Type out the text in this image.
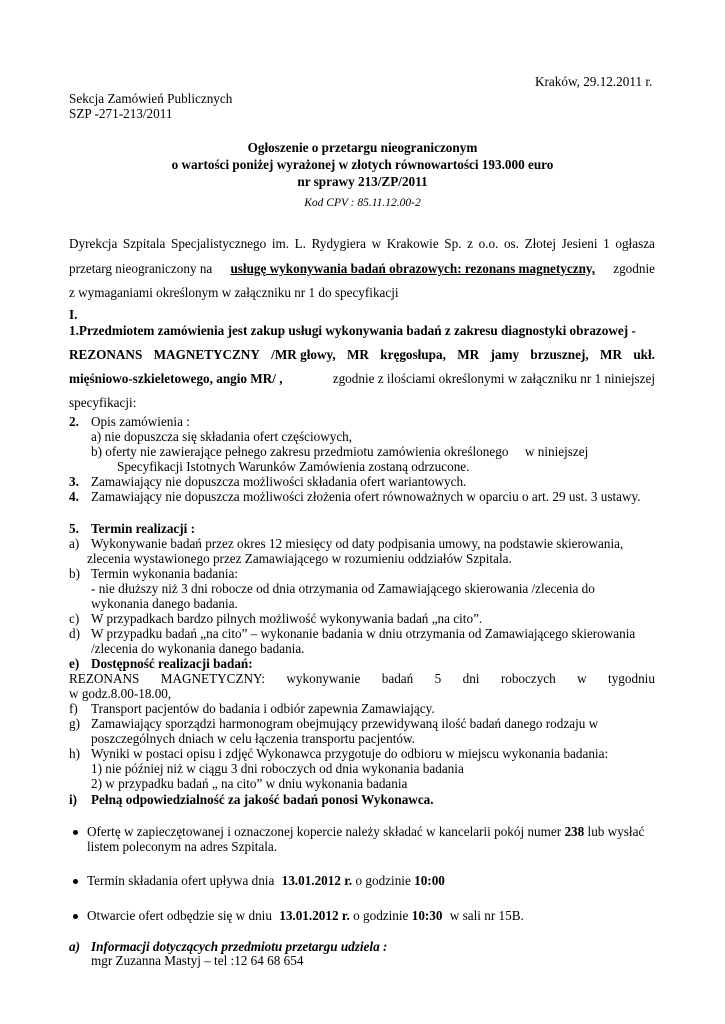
Kraków, 29.12.2011 r.
Sekcja Zamówień Publicznych
SZP -271-213/2011
Ogłoszenie o przetargu nieograniczonym
o wartości poniżej wyrażonej w złotych równowartości 193.000 euro
nr sprawy 213/ZP/2011
Kod CPV : 85.11.12.00-2
Dyrekcja Szpitala Specjalistycznego im. L. Rydygiera w Krakowie Sp. z o.o. os. Złotej Jesieni 1 ogłasza
przetarg nieograniczony na usługę wykonywania badań obrazowych: rezonans magnetyczny, zgodnie
z wymaganiami określonym w załączniku nr 1 do specyfikacji
I.
1.Przedmiotem zamówienia jest zakup usługi wykonywania badań z zakresu diagnostyki obrazowej -
REZONANS MAGNETYCZNY /MR głowy, MR kręgosłupa, MR jamy brzusznej, MR ukł.
mięśniowo-szkieletowego, angio MR/ ,	zgodnie z ilościami określonymi w załączniku nr 1 niniejszej
specyfikacji:
2. Opis zamówienia :
a) nie dopuszcza się składania ofert częściowych,
b) oferty nie zawierające pełnego zakresu przedmiotu zamówienia określonego     w niniejszej
Specyfikacji Istotnych Warunków Zamówienia zostaną odrzucone.
3. Zamawiający nie dopuszcza możliwości składania ofert wariantowych.
4. Zamawiający nie dopuszcza możliwości złożenia ofert równoważnych w oparciu o art. 29 ust. 3 ustawy.
5. Termin realizacji :
a) Wykonywanie badań przez okres 12 miesięcy od daty podpisania umowy, na podstawie skierowania,
zlecenia wystawionego przez Zamawiającego w rozumieniu oddziałów Szpitala.
b) Termin wykonania badania:
- nie dłuższy niż 3 dni robocze od dnia otrzymania od Zamawiającego skierowania /zlecenia do
wykonania danego badania.
c) W przypadkach bardzo pilnych możliwość wykonywania badań „na cito”.
d) W przypadku badań „na cito” – wykonanie badania w dniu otrzymania od Zamawiającego skierowania
/zlecenia do wykonania danego badania.
e) Dostępność realizacji badań:
REZONANS MAGNETYCZNY: wykonywanie badań 5 dni roboczych w tygodniu
w godz.8.00-18.00,
f) Transport pacjentów do badania i odbiór zapewnia Zamawiający.
g) Zamawiający sporządzi harmonogram obejmujący przewidywaną ilość badań danego rodzaju w
poszczególnych dniach w celu łączenia transportu pacjentów.
h) Wyniki w postaci opisu i zdjęć Wykonawca przygotuje do odbioru w miejscu wykonania badania:
1) nie później niż w ciągu 3 dni roboczych od dnia wykonania badania
2) w przypadku badań „ na cito” w dniu wykonania badania
i) Pełną odpowiedzialność za jakość badań ponosi Wykonawca.
Ofertę w zapieczętowanej i oznaczonej kopercie należy składać w kancelarii pokój numer 238 lub wysłać
listem poleconym na adres Szpitala.
Termin składania ofert upływa dnia 13.01.2012 r. o godzinie 10:00
Otwarcie ofert odbędzie się w dniu 13.01.2012 r. o godzinie 10:30 w sali nr 15B.
a) Informacji dotyczących przedmiotu przetargu udziela :
mgr Zuzanna Mastyj – tel :12 64 68 654
